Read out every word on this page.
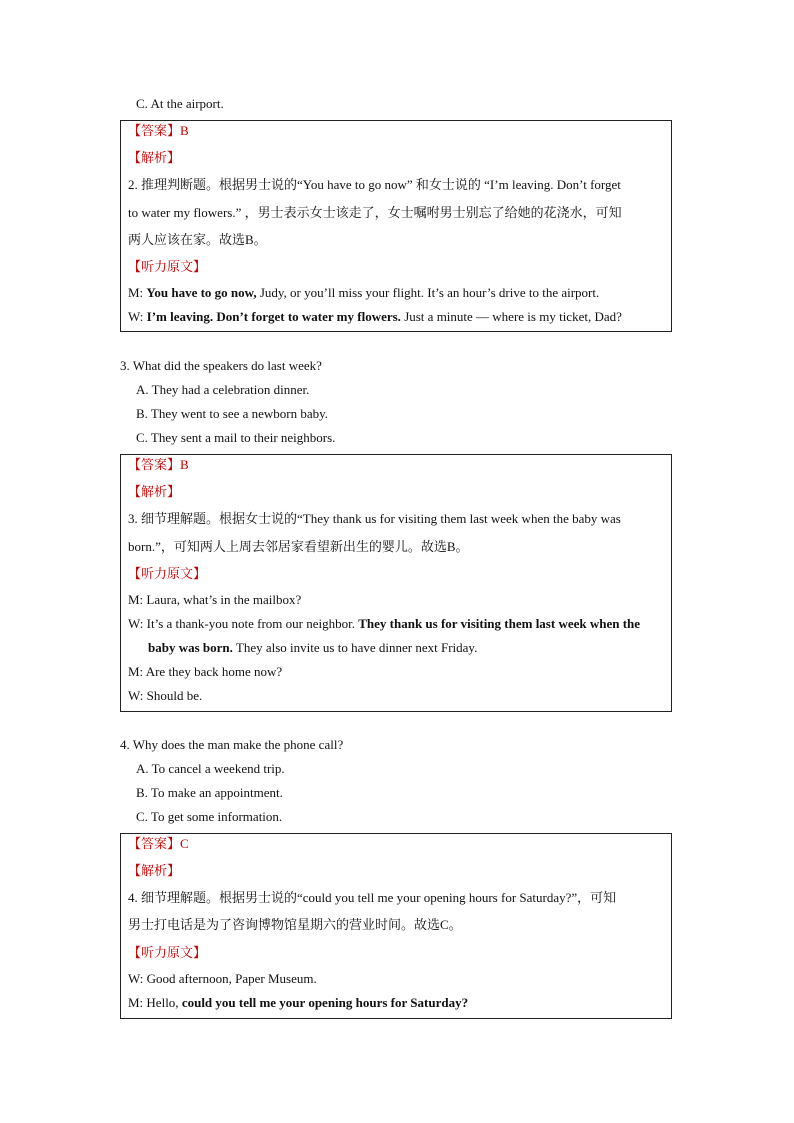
C. At the airport.
【答案】B
【解析】
2. 推理判断题。根据男士说的“You have to go now” 和女士说的 “I’m leaving. Don’t forget
to water my flowers.” ，男士表示女士该走了，女士嘱咐男士别忘了给她的花浇水，可知
两人应该在家。故选B。
【听力原文】
M: You have to go now, Judy, or you’ll miss your flight. It’s an hour’s drive to the airport.
W: I’m leaving. Don’t forget to water my flowers. Just a minute — where is my ticket, Dad?
3. What did the speakers do last week?
A. They had a celebration dinner.
B. They went to see a newborn baby.
C. They sent a mail to their neighbors.
【答案】B
【解析】
3. 细节理解题。根据女士说的“They thank us for visiting them last week when the baby was
born.”，可知两人上周去邻居家看望新出生的婴儿。故选B。
【听力原文】
M: Laura, what’s in the mailbox?
W: It’s a thank-you note from our neighbor. They thank us for visiting them last week when the
baby was born. They also invite us to have dinner next Friday.
M: Are they back home now?
W: Should be.
4. Why does the man make the phone call?
A. To cancel a weekend trip.
B. To make an appointment.
C. To get some information.
【答案】C
【解析】
4. 细节理解题。根据男士说的“could you tell me your opening hours for Saturday?”，可知
男士打电话是为了咨询博物馆星期六的营业时间。故选C。
【听力原文】
W: Good afternoon, Paper Museum.
M: Hello, could you tell me your opening hours for Saturday?
